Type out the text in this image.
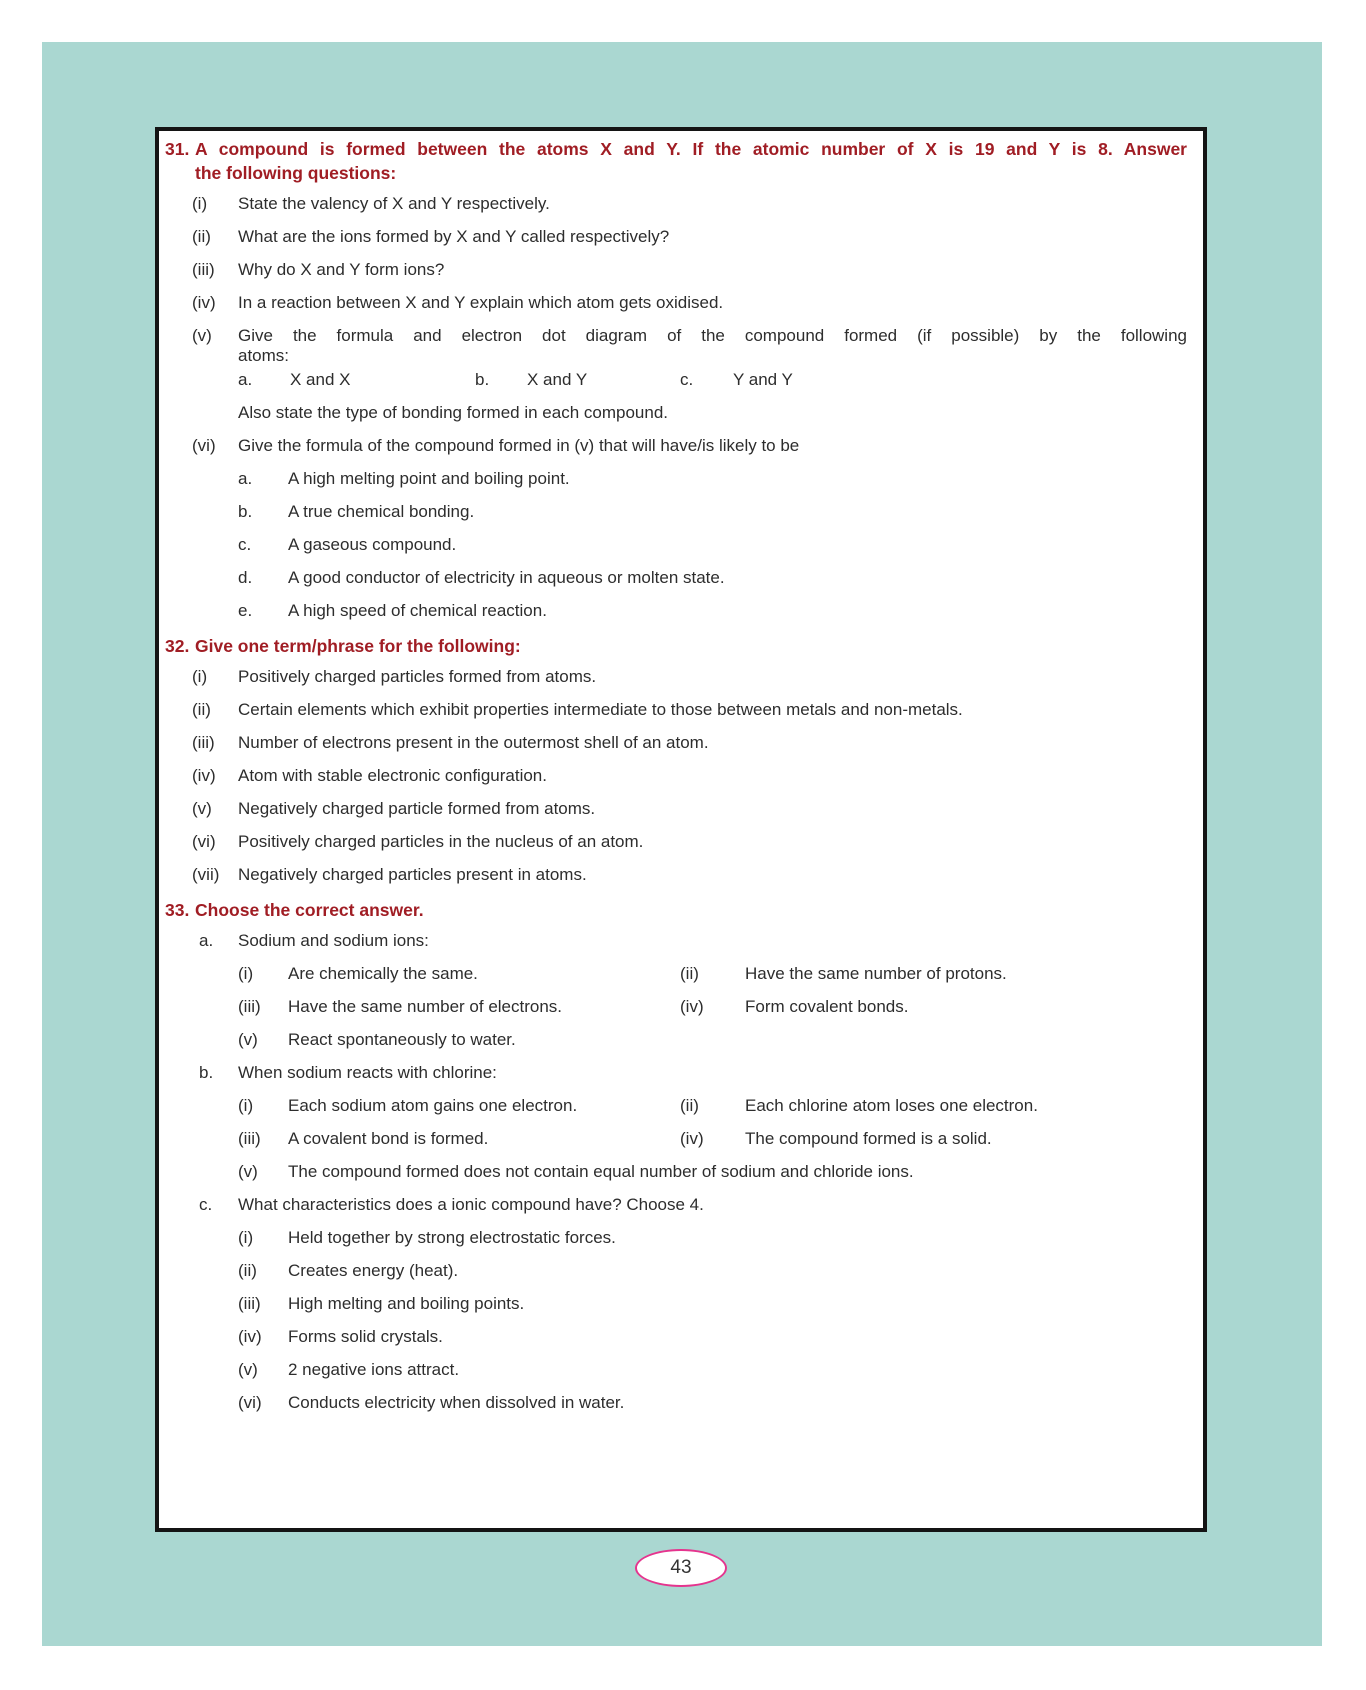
31. A compound is formed between the atoms X and Y. If the atomic number of X is 19 and Y is 8. Answer
the following questions:
(i)	State the valency of X and Y respectively.
(ii)	What are the ions formed by X and Y called respectively?
(iii)	Why do X and Y form ions?
(iv)	In a reaction between X and Y explain which atom gets oxidised.
(v)	Give the formula and electron dot diagram of the compound formed (if possible) by the following
atoms:
a.	X and X	b.	X and Y	c.	Y and Y
Also state the type of bonding formed in each compound.
(vi)	Give the formula of the compound formed in (v) that will have/is likely to be
a.	A high melting point and boiling point.
b.	A true chemical bonding.
c.	A gaseous compound.
d.	A good conductor of electricity in aqueous or molten state.
e.	A high speed of chemical reaction.
32. Give one term/phrase for the following:
(i)	Positively charged particles formed from atoms.
(ii)	Certain elements which exhibit properties intermediate to those between metals and non-metals.
(iii)	Number of electrons present in the outermost shell of an atom.
(iv)	Atom with stable electronic configuration.
(v)	Negatively charged particle formed from atoms.
(vi)	Positively charged particles in the nucleus of an atom.
(vii)	Negatively charged particles present in atoms.
33. Choose the correct answer.
a.	Sodium and sodium ions:
(i)	Are chemically the same.	(ii)	Have the same number of protons.
(iii)	Have the same number of electrons.	(iv)	Form covalent bonds.
(v)	React spontaneously to water.
b.	When sodium reacts with chlorine:
(i)	Each sodium atom gains one electron.	(ii)	Each chlorine atom loses one electron.
(iii)	A covalent bond is formed.	(iv)	The compound formed is a solid.
(v)	The compound formed does not contain equal number of sodium and chloride ions.
c.	What characteristics does a ionic compound have? Choose 4.
(i)	Held together by strong electrostatic forces.
(ii)	Creates energy (heat).
(iii)	High melting and boiling points.
(iv)	Forms solid crystals.
(v)	2 negative ions attract.
(vi)	Conducts electricity when dissolved in water.
43
